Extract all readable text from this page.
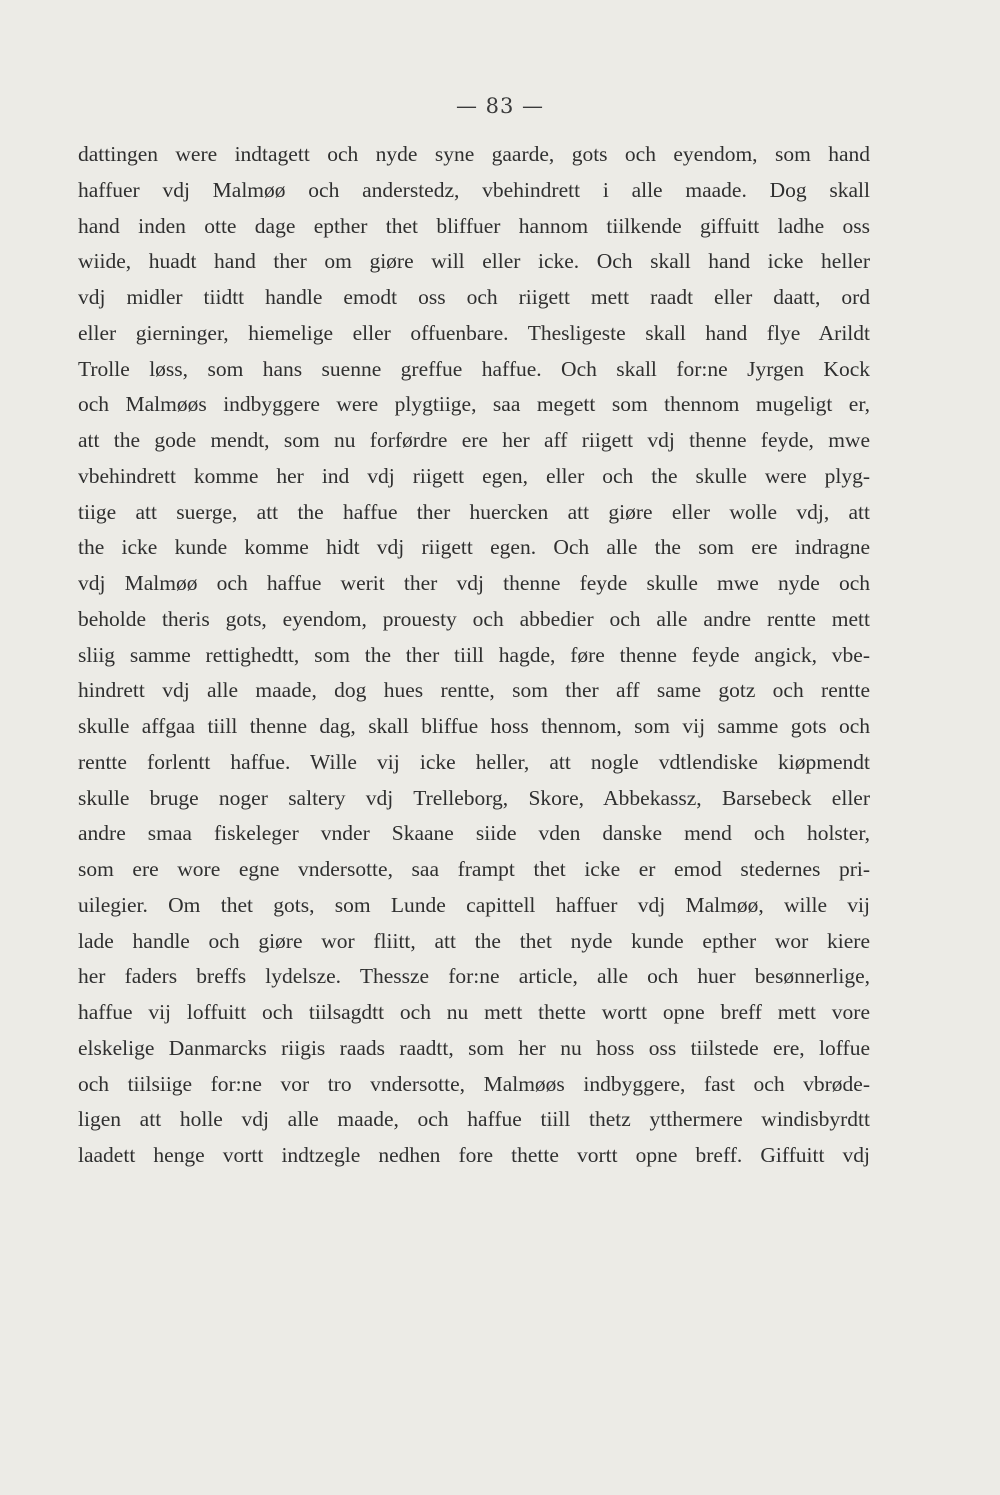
— 83 —
dattingen were indtagett och nyde syne gaarde, gots och eyendom, som hand
haffuer vdj Malmøø och anderstedz, vbehindrett i alle maade. Dog skall
hand inden otte dage epther thet bliffuer hannom tiilkende giffuitt ladhe oss
wiide, huadt hand ther om giøre will eller icke. Och skall hand icke heller
vdj midler tiidtt handle emodt oss och riigett mett raadt eller daatt, ord
eller gierninger, hiemelige eller offuenbare. Thesligeste skall hand flye Arildt
Trolle løss, som hans suenne greffue haffue. Och skall for:ne Jyrgen Kock
och Malmøøs indbyggere were plygtiige, saa megett som thennom mugeligt er,
att the gode mendt, som nu forførdre ere her aff riigett vdj thenne feyde, mwe
vbehindrett komme her ind vdj riigett egen, eller och the skulle were plyg-
tiige att suerge, att the haffue ther huercken att giøre eller wolle vdj, att
the icke kunde komme hidt vdj riigett egen. Och alle the som ere indragne
vdj Malmøø och haffue werit ther vdj thenne feyde skulle mwe nyde och
beholde theris gots, eyendom, prouesty och abbedier och alle andre rentte mett
sliig samme rettighedtt, som the ther tiill hagde, føre thenne feyde angick, vbe-
hindrett vdj alle maade, dog hues rentte, som ther aff same gotz och rentte
skulle affgaa tiill thenne dag, skall bliffue hoss thennom, som vij samme gots och
rentte forlentt haffue. Wille vij icke heller, att nogle vdtlendiske kiøpmendt
skulle bruge noger saltery vdj Trelleborg, Skore, Abbekassz, Barsebeck eller
andre smaa fiskeleger vnder Skaane siide vden danske mend och holster,
som ere wore egne vndersotte, saa frampt thet icke er emod stedernes pri-
uilegier. Om thet gots, som Lunde capittell haffuer vdj Malmøø, wille vij
lade handle och giøre wor fliitt, att the thet nyde kunde epther wor kiere
her faders breffs lydelsze. Thessze for:ne article, alle och huer besønnerlige,
haffue vij loffuitt och tiilsagdtt och nu mett thette wortt opne breff mett vore
elskelige Danmarcks riigis raads raadtt, som her nu hoss oss tiilstede ere, loffue
och tiilsiige for:ne vor tro vndersotte, Malmøøs indbyggere, fast och vbrøde-
ligen att holle vdj alle maade, och haffue tiill thetz ytthermere windisbyrdtt
laadett henge vortt indtzegle nedhen fore thette vortt opne breff. Giffuitt vdj
